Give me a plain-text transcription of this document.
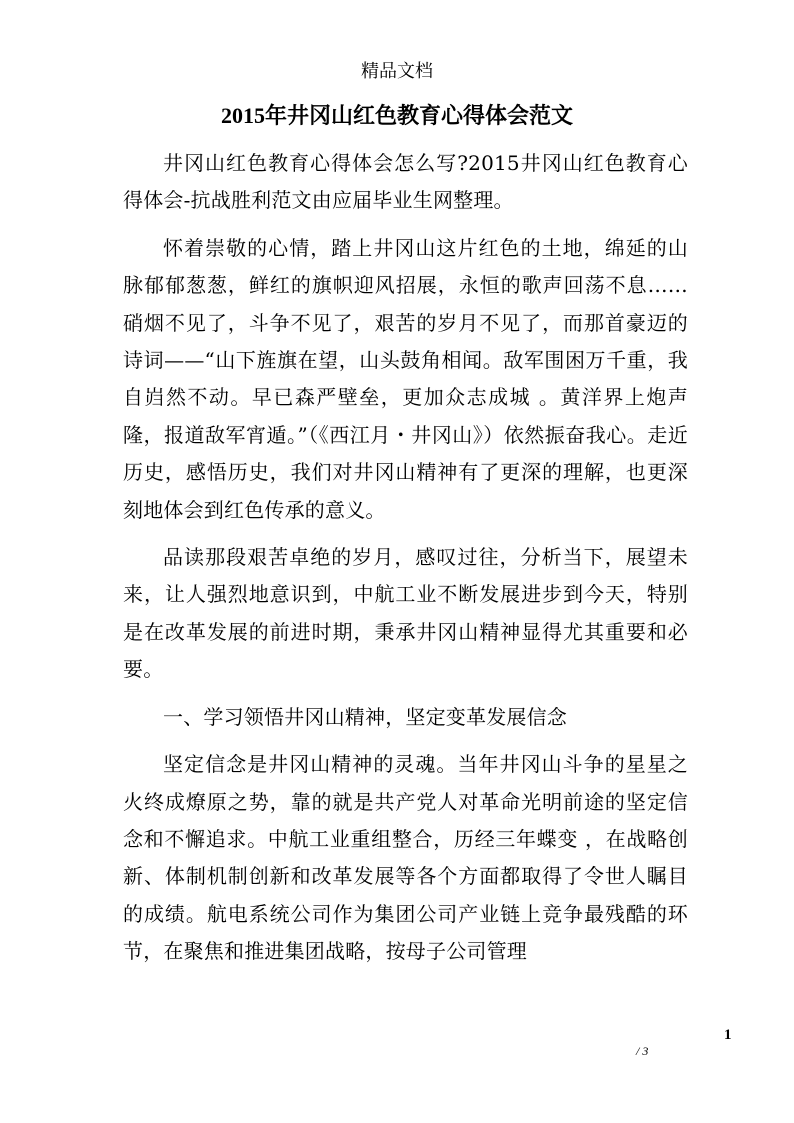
精品文档
2015年井冈山红色教育心得体会范文

井冈山红色教育心得体会怎么写?2015井冈山红色教育心得体会-抗战胜利范文由应届毕业生网整理。

怀着崇敬的心情，踏上井冈山这片红色的土地，绵延的山脉郁郁葱葱，鲜红的旗帜迎风招展，永恒的歌声回荡不息……硝烟不见了，斗争不见了，艰苦的岁月不见了，而那首豪迈的诗词——“山下旌旗在望，山头鼓角相闻。敌军围困万千重，我自岿然不动。早已森严壁垒，更加众志成城 。黄洋界上炮声隆，报道敌军宵遁。”（《西江月・井冈山》）依然振奋我心。走近历史，感悟历史，我们对井冈山精神有了更深的理解，也更深刻地体会到红色传承的意义。

品读那段艰苦卓绝的岁月，感叹过往，分析当下，展望未来，让人强烈地意识到，中航工业不断发展进步到今天，特别是在改革发展的前进时期，秉承井冈山精神显得尤其重要和必要。

一、学习领悟井冈山精神，坚定变革发展信念

坚定信念是井冈山精神的灵魂。当年井冈山斗争的星星之火终成燎原之势，靠的就是共产党人对革命光明前途的坚定信念和不懈追求。中航工业重组整合，历经三年蝶变 ，在战略创新、体制机制创新和改革发展等各个方面都取得了令世人瞩目的成绩。航电系统公司作为集团公司产业链上竞争最残酷的环节，在聚焦和推进集团战略，按母子公司管理

1
/ 3
